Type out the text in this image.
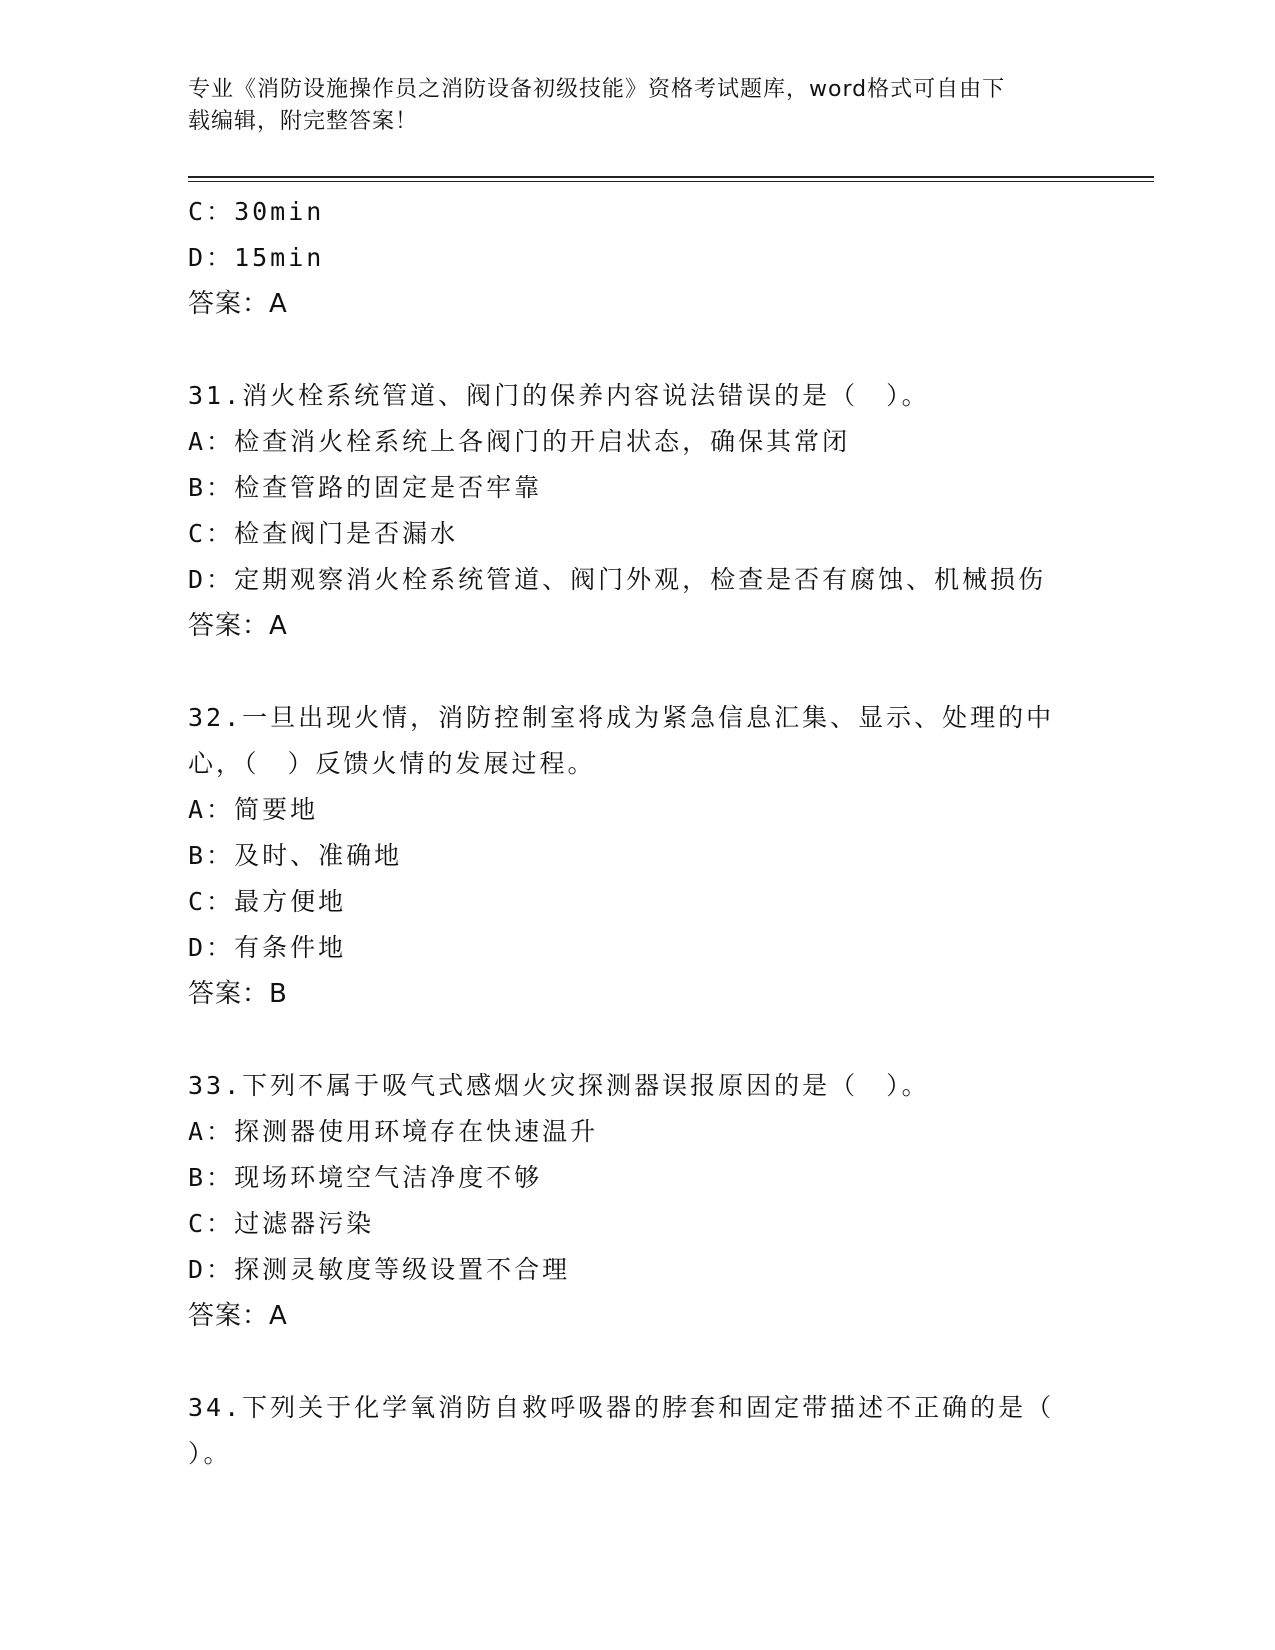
专业《消防设施操作员之消防设备初级技能》资格考试题库，word格式可自由下
载编辑，附完整答案！
C：30min
D：15min
答案：A
31.消火栓系统管道、阀门的保养内容说法错误的是（　）。
A：检查消火栓系统上各阀门的开启状态，确保其常闭
B：检查管路的固定是否牢靠
C：检查阀门是否漏水
D：定期观察消火栓系统管道、阀门外观，检查是否有腐蚀、机械损伤
答案：A
32.一旦出现火情，消防控制室将成为紧急信息汇集、显示、处理的中
心，（　）反馈火情的发展过程。
A：简要地
B：及时、准确地
C：最方便地
D：有条件地
答案：B
33.下列不属于吸气式感烟火灾探测器误报原因的是（　）。
A：探测器使用环境存在快速温升
B：现场环境空气洁净度不够
C：过滤器污染
D：探测灵敏度等级设置不合理
答案：A
34.下列关于化学氧消防自救呼吸器的脖套和固定带描述不正确的是（
）。
